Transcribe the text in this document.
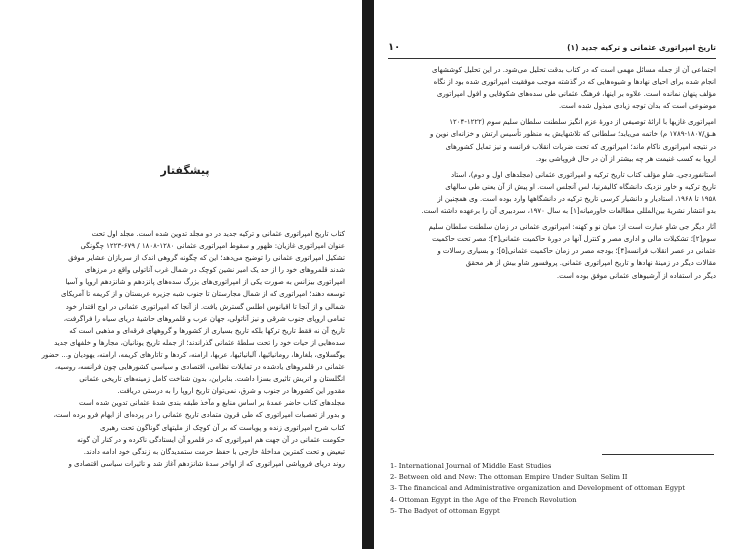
پیشگفتار
کتاب تاریخ امپراتوری عثمانی و ترکیه جدید در دو مجلد تدوین شده است. مجلد اول تحت
عنوان امپراتوری غازیان: ظهور و سقوط امپراتوری عثمانی ۱۲۸۰-۱۸۰۸ / ۶۷۹-۱۲۲۳ چگونگی
تشکیل امپراتوری عثمانی را توضیح می‌دهد؛ این که چگونه گروهی اندک از سربازان عشایر موفق
شدند قلمروهای خود را از حد یک امیر نشین کوچک در شمال غرب آناتولی واقع در مرزهای
امپراتوری بیزانس به صورت یکی از امپراتوری‌های بزرگ سده‌های پانزدهم و شانزدهم اروپا و آسیا
توسعه دهند؛ امپراتوری که از شمال مجارستان تا جنوب شبه جزیره عربستان و از کریمه تا آمریکای
شمالی و از آنجا تا اقیانوس اطلس گسترش یافت. از آنجا که امپراتوری عثمانی در اوج اقتدار خود
تمامی اروپای جنوب شرقی و نیز آناتولی، جهان عرب و قلمروهای حاشیهٔ دریای سیاه را فراگرفت،
تاریخ آن نه فقط تاریخ ترکها بلکه تاریخ بسیاری از کشورها و گروههای فرقه‌ای و مذهبی است که
سده‌هایی از حیات خود را تحت سلطهٔ عثمانی گذراندند؛ از جمله تاریخ یونانیان، مجارها و خلفهای جدید
یوگسلاوی، بلغارها، رومانیائیها، آلبانیائیها، عربها، ارامنه، کردها و تاتارهای کریمه، ارامنه، یهودیان و... حضور
عثمانی در قلمروهای یادشده در تمایلات نظامی، اقتصادی و سیاسی کشورهایی چون فرانسه، روسیه،
انگلستان و اتریش تاثیری بسزا داشت. بنابراین، بدون شناخت کامل زمینه‌های تاریخی عثمانی
مقدور این کشورها در جنوب و شرق، نمی‌توان تاریخ اروپا را به درستی دریافت.
مجلدهای کتاب حاضر عمدهٔ بر اساس منابع و مآخذ طبقه بندی شدهٔ عثمانی تدوین شده است
و بدور از تعصبات امپراتوری که طی قرون متمادی تاریخ عثمانی را در پرده‌ای از ابهام فرو برده است،
کتاب شرح امپراتوری زنده و پویاست که بر آن کوچک از ملیتهای گوناگون تحت رهبری
حکومت عثمانی در آن جهت هم امپراتوری که در قلمرو آن ایستادگی ناکرده و در کنار آن گونه
تبعیض و تحت کمترین مداخلهٔ خارجی با حفظ حرمت ستمدیدگان به زندگی خود ادامه دادند.
روند دریای فروپاشی امپراتوری که از اواخر سدهٔ شانزدهم آغاز شد و تاثیرات سیاسی اقتصادی و
۱۰	تاریخ امپراتوری عثمانی و ترکیه جدید (۱)
اجتماعی آن از جمله مسائل مهمی است که در کتاب بدقت تحلیل می‌شود. در این تحلیل کوششهای
انجام شده برای احیای نهادها و شیوه‌هایی که در گذشته موجب موفقیت امپراتوری شده بود از نگاه
مؤلف پنهان نمانده است. علاوه بر اینها، فرهنگ عثمانی طی سده‌های شکوفایی و افول امپراتوری
موضوعی است که بدان توجه زیادی مبذول شده است.
امپراتوری غازیها با ارائهٔ توصیفی از دورهٔ عزم انگیز سلطنت سلطان سلیم سوم (۱۲۲۲-۱۲۰۴
هـق/۱۸۰۷-۱۷۸۹ م) خاتمه می‌یابد؛ سلطانی که تلاشهایش به منظور تأسیس ارتش و خزانه‌ای نوین و
در نتیجه امپراتوری ناکام ماند؛ امپراتوری که تحت ضربات انقلاب فرانسه و نیز تمایل کشورهای
اروپا به کسب غنیمت هر چه بیشتر از آن در حال فروپاشی بود.
استانفوردجی. شاو مؤلف کتاب تاریخ ترکیه و امپراتوری عثمانی (مجلدهای اول و دوم)، استاد
تاریخ ترکیه و خاور نزدیک دانشگاه کالیفرنیا، لس آنجلس است. او پیش از آن یعنی طی سالهای
۱۹۵۸ تا ۱۹۶۸، استادیار و دانشیار کرسی تاریخ ترکیه در دانشگاهها وارد بوده است. وی همچنین از
بدو انتشار نشریهٔ بین‌المللی مطالعات خاورمیانه[۱] به سال ۱۹۷۰، سردبیری آن را برعهده داشته است.
آثار دیگر جی شاو عبارت است از: میان نو و کهنه: امپراتوری عثمانی در زمان سلطنت سلطان سلیم
سوم[۲]؛ تشکیلات مالی و اداری مصر و کنترل آنها در دورهٔ حاکمیت عثمانی[۳]؛ مصر تحت حاکمیت
عثمانی در عصر انقلاب فرانسه[۴]؛ بودجه مصر در زمان حاکمیت عثمانی[۵]؛ و بسیاری رسالات و
مقالات دیگر در زمینهٔ نهادها و تاریخ امپراتوری عثمانی. پروفسور شاو بیش از هر محقق
دیگر در استفاده از آرشیوهای عثمانی موفق بوده است.
1- International Journal of Middle East Studies
2- Between old and New: The ottoman Empire Under Sultan Selim II
3- The financical and Administrative organization and Development of ottoman Egypt
4- Ottoman Egypt in the Age of the French Revolution
5- The Badyet of ottoman Egypt
